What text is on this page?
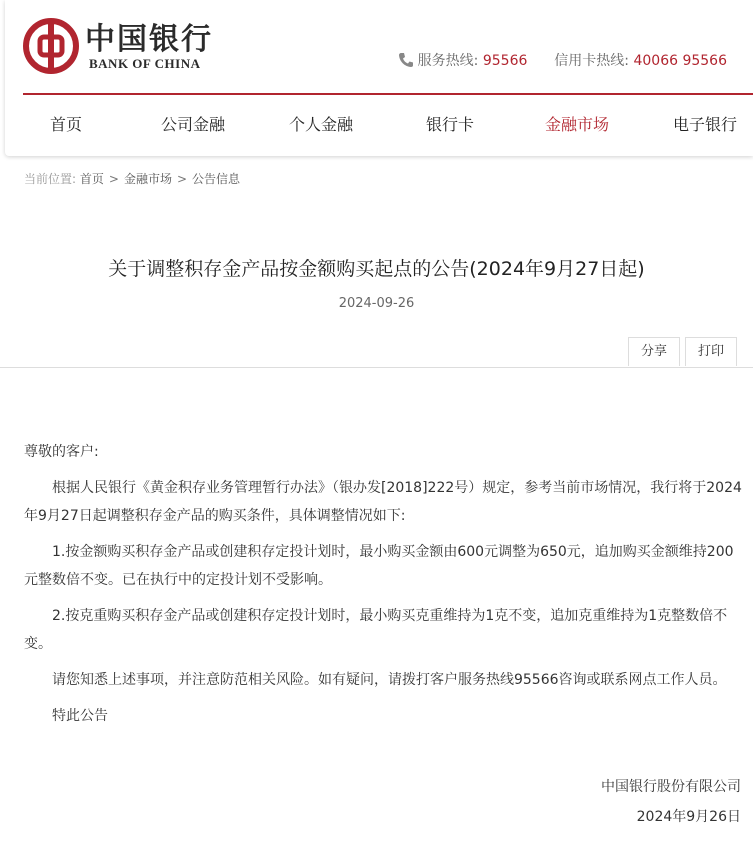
中国银行
BANK OF CHINA	服务热线: 95566 信用卡热线: 40066 95566
首页	公司金融	个人金融	银行卡	金融市场	电子银行
当前位置: 首页 > 金融市场 > 公告信息
关于调整积存金产品按金额购买起点的公告(2024年9月27日起)
2024-09-26
分享	打印

尊敬的客户:

根据人民银行《黄金积存业务管理暂行办法》（银办发[2018]222号）规定，参考当前市场情况，我行将于2024年9月27日起调整积存金产品的购买条件，具体调整情况如下:

1.按金额购买积存金产品或创建积存定投计划时，最小购买金额由600元调整为650元，追加购买金额维持200元整数倍不变。已在执行中的定投计划不受影响。

2.按克重购买积存金产品或创建积存定投计划时，最小购买克重维持为1克不变，追加克重维持为1克整数倍不变。

请您知悉上述事项，并注意防范相关风险。如有疑问，请拨打客户服务热线95566咨询或联系网点工作人员。

特此公告

中国银行股份有限公司
2024年9月26日
